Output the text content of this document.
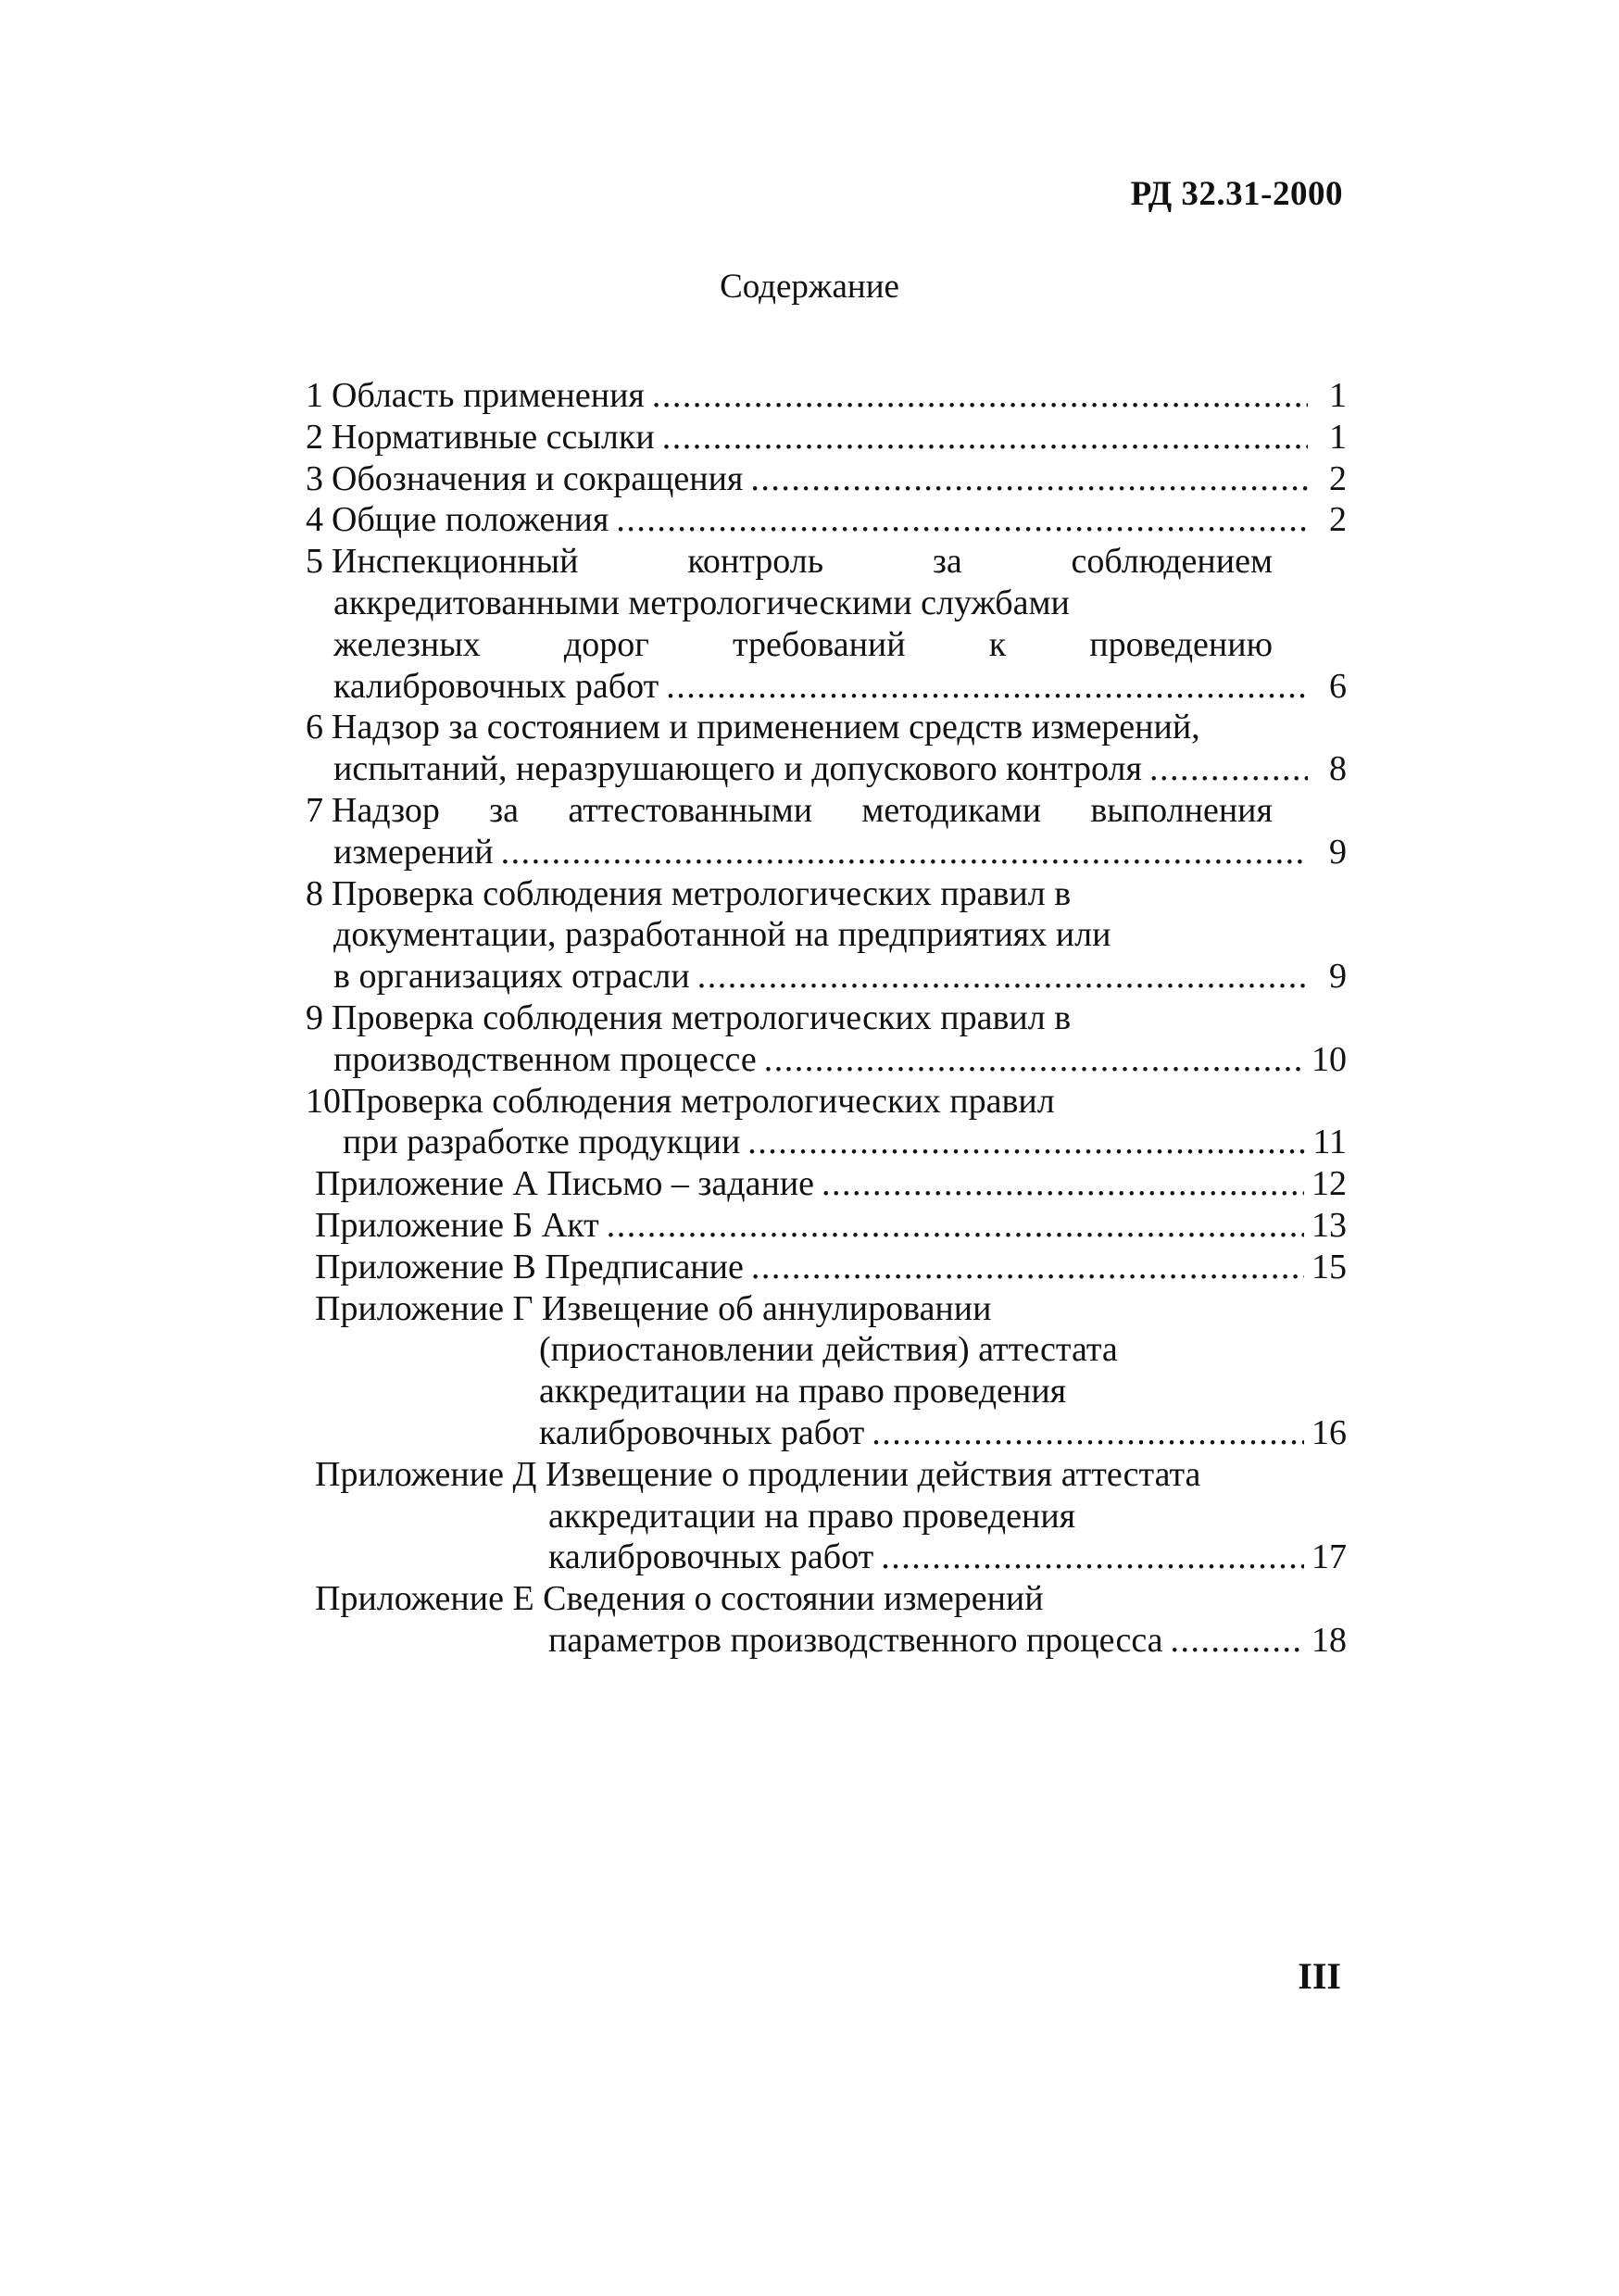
РД 32.31-2000
Содержание
1 Область применения . . .	1
2 Нормативные ссылки . . .	1
3 Обозначения и сокращения . . .	2
4 Общие положения . . .	2
5 Инспекционный контроль за соблюдением
аккредитованными метрологическими службами
железных дорог требований к проведению
калибровочных работ . . .	6
6 Надзор за состоянием и применением средств измерений,
испытаний, неразрушающего и допускового контроля . . .	8
7 Надзор за аттестованными методиками выполнения
измерений . . .	9
8 Проверка соблюдения метрологических правил в
документации, разработанной на предприятиях или
в организациях отрасли . . .	9
9 Проверка соблюдения метрологических правил в
производственном процессе . . .	10
10 Проверка соблюдения метрологических правил
при разработке продукции . . .	11
Приложение А Письмо – задание . . .	12
Приложение Б Акт . . .	13
Приложение В Предписание . . .	15
Приложение Г Извещение об аннулировании
(приостановлении действия) аттестата
аккредитации на право проведения
калибровочных работ . . .	16
Приложение Д Извещение о продлении действия аттестата
аккредитации на право проведения
калибровочных работ . . .	17
Приложение Е Сведения о состоянии измерений
параметров производственного процесса . . .	18
III
